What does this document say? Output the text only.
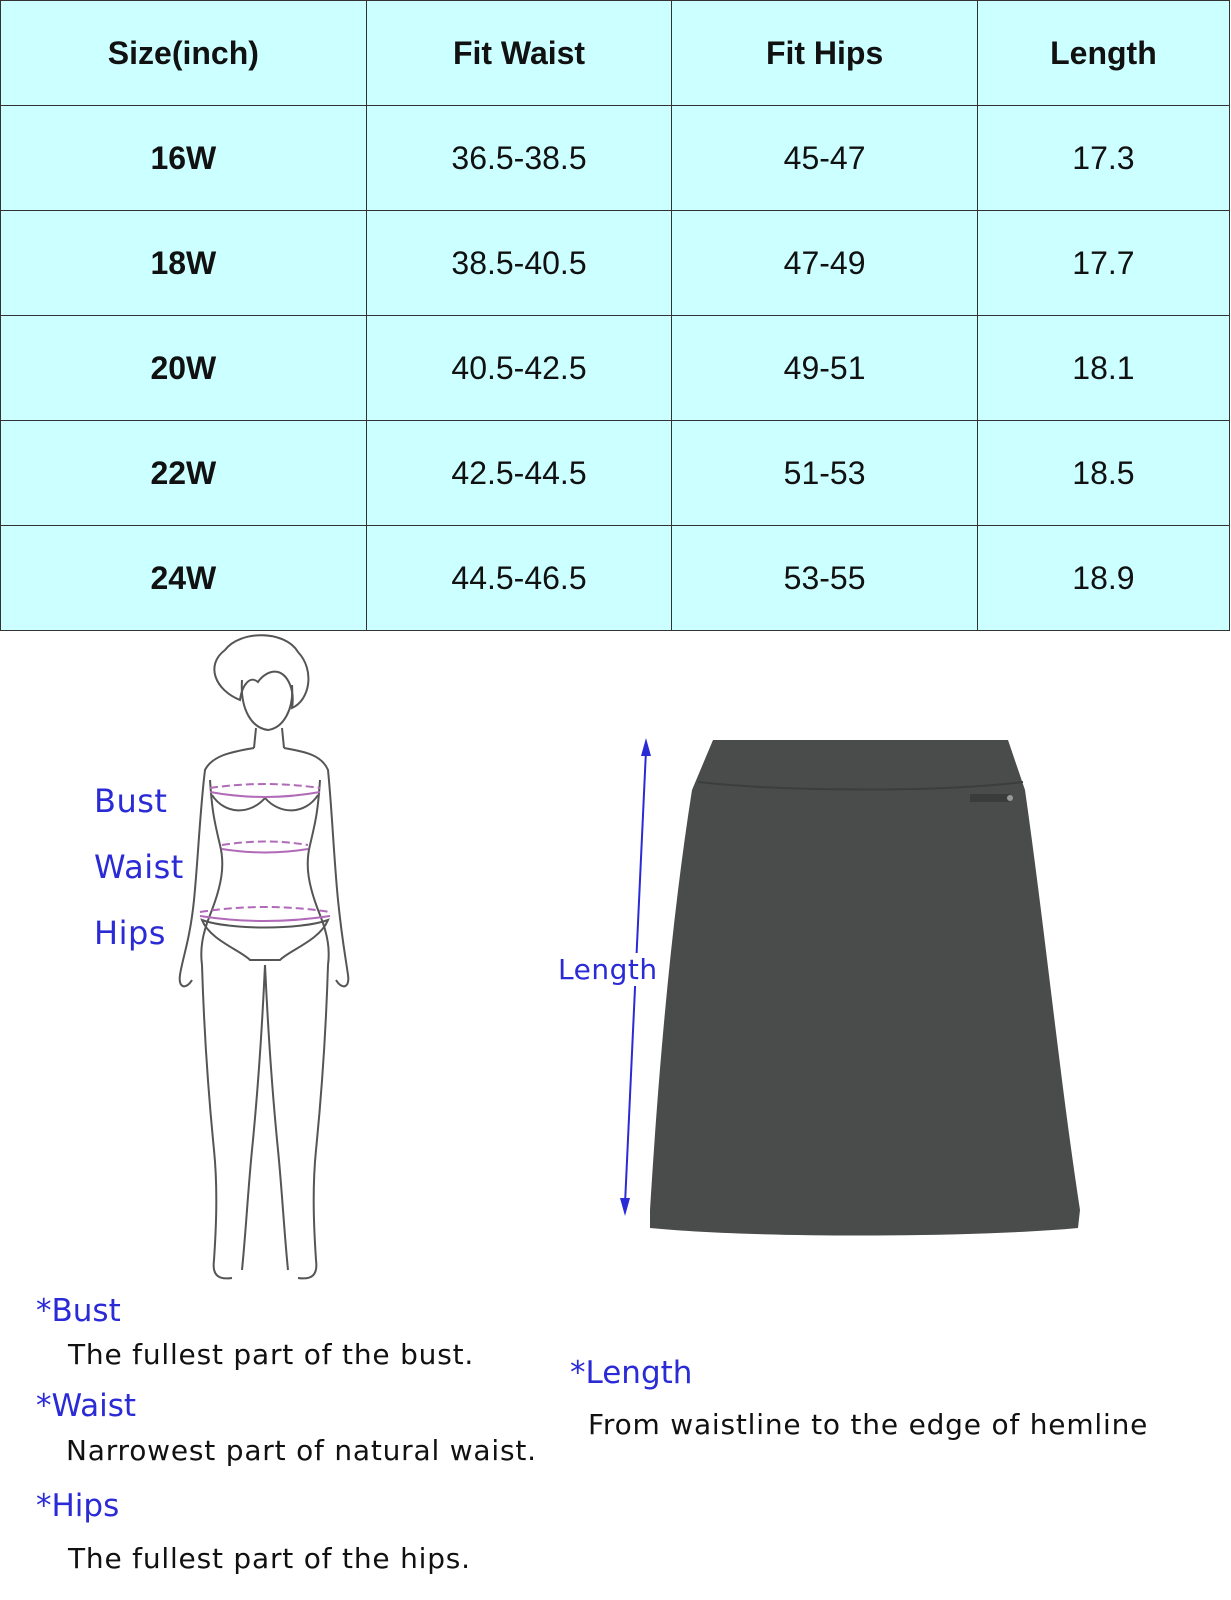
Size(inch)	Fit Waist	Fit Hips	Length
16W	36.5-38.5	45-47	17.3
18W	38.5-40.5	47-49	17.7
20W	40.5-42.5	49-51	18.1
22W	42.5-44.5	51-53	18.5
24W	44.5-46.5	53-55	18.9
Bust
Waist
Hips
Length
*Bust
The fullest part of the bust.
*Waist
Narrowest part of natural waist.
*Hips
The fullest part of the hips.
*Length
From waistline to the edge of hemline
